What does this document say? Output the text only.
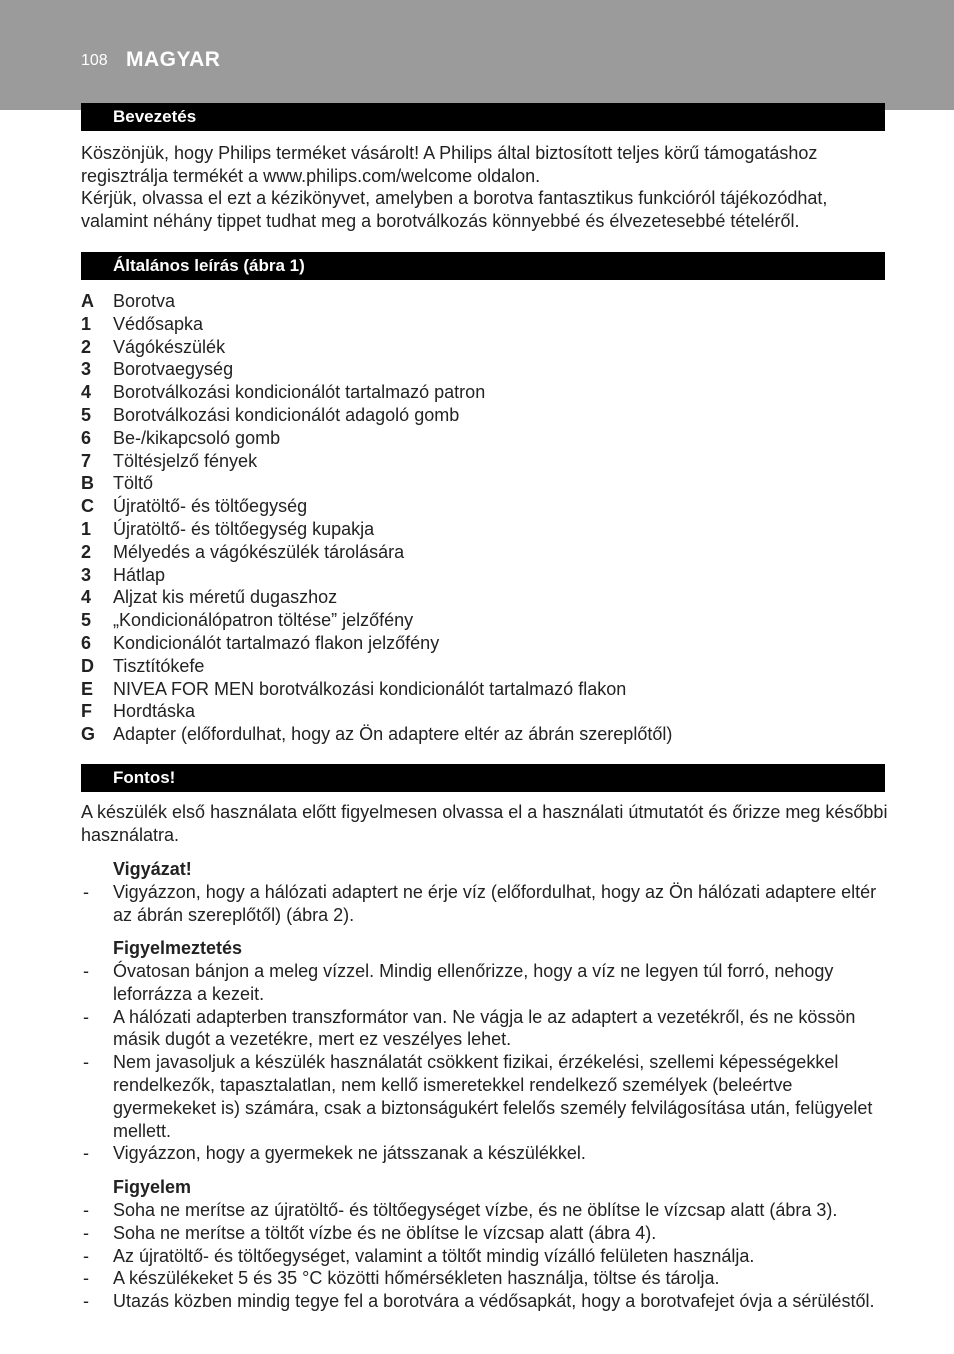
108 MAGYAR
Bevezetés

Köszönjük, hogy Philips terméket vásárolt! A Philips által biztosított teljes körű támogatáshoz regisztrálja termékét a www.philips.com/welcome oldalon.

Kérjük, olvassa el ezt a kézikönyvet, amelyben a borotva fantasztikus funkcióról tájékozódhat, valamint néhány tippet tudhat meg a borotválkozás könnyebbé és élvezetesebbé tételéről.

Általános leírás (ábra 1)
A	Borotva
1	Védősapka
2	Vágókészülék
3	Borotvaegység
4	Borotválkozási kondicionálót tartalmazó patron
5	Borotválkozási kondicionálót adagoló gomb
6	Be-/kikapcsoló gomb
7	Töltésjelző fények
B	Töltő
C	Újratöltő- és töltőegység
1	Újratöltő- és töltőegység kupakja
2	Mélyedés a vágókészülék tárolására
3	Hátlap
4	Aljzat kis méretű dugaszhoz
5	„Kondicionálópatron töltése” jelzőfény
6	Kondicionálót tartalmazó flakon jelzőfény
D	Tisztítókefe
E	NIVEA FOR MEN borotválkozási kondicionálót tartalmazó flakon
F	Hordtáska
G Adapter (előfordulhat, hogy az Ön adaptere eltér az ábrán szereplőtől)
Fontos!

A készülék első használata előtt figyelmesen olvassa el a használati útmutatót és őrizze meg későbbi használatra.

Vigyázat!
-	Vigyázzon, hogy a hálózati adaptert ne érje víz (előfordulhat, hogy az Ön hálózati adaptere eltér az ábrán szereplőtől) (ábra 2).
Figyelmeztetés
-	Óvatosan bánjon a meleg vízzel. Mindig ellenőrizze, hogy a víz ne legyen túl forró, nehogy leforrázza a kezeit.
-	A hálózati adapterben transzformátor van. Ne vágja le az adaptert a vezetékről, és ne kössön másik dugót a vezetékre, mert ez veszélyes lehet.
-	Nem javasoljuk a készülék használatát csökkent fizikai, érzékelési, szellemi képességekkel rendelkezők, tapasztalatlan, nem kellő ismeretekkel rendelkező személyek (beleértve gyermekeket is) számára, csak a biztonságukért felelős személy felvilágosítása után, felügyelet mellett.
-	Vigyázzon, hogy a gyermekek ne játsszanak a készülékkel.
Figyelem
-	Soha ne merítse az újratöltő- és töltőegységet vízbe, és ne öblítse le vízcsap alatt (ábra 3).
-	Soha ne merítse a töltőt vízbe és ne öblítse le vízcsap alatt (ábra 4).
-	Az újratöltő- és töltőegységet, valamint a töltőt mindig vízálló felületen használja.
-	A készülékeket 5 és 35 °C közötti hőmérsékleten használja, töltse és tárolja.
-	Utazás közben mindig tegye fel a borotvára a védősapkát, hogy a borotvafejet óvja a sérüléstől.
